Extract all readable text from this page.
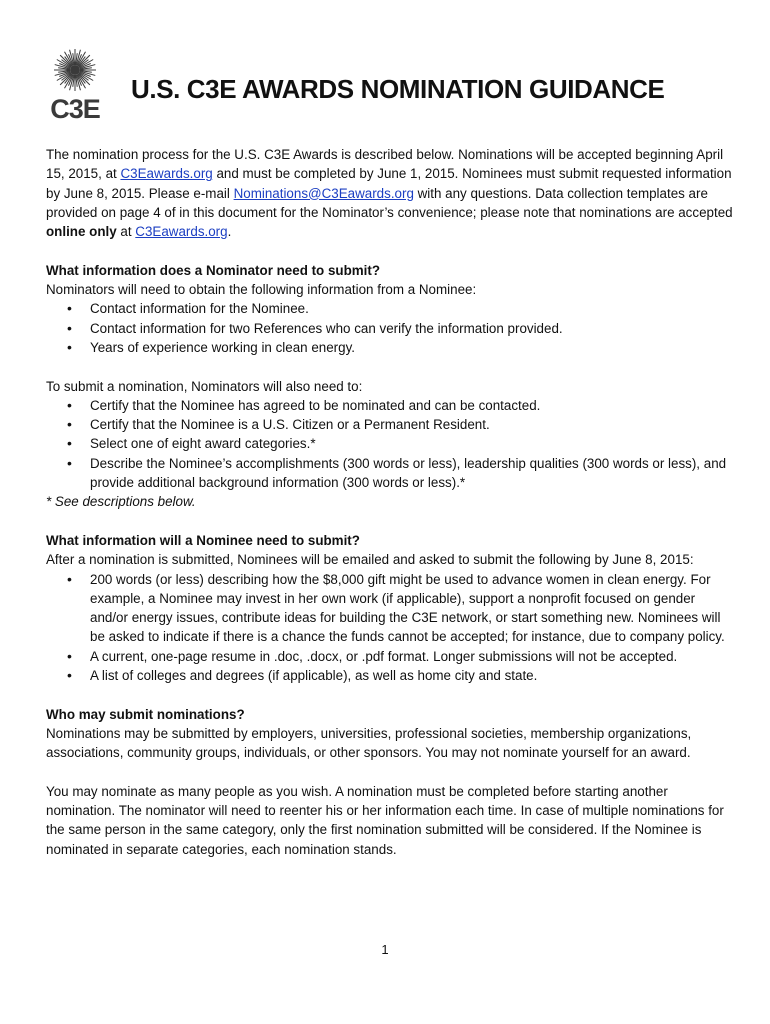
C3E
U.S. C3E AWARDS NOMINATION GUIDANCE

The nomination process for the U.S. C3E Awards is described below. Nominations will be accepted beginning April 15, 2015, at C3Eawards.org and must be completed by June 1, 2015. Nominees must submit requested information by June 8, 2015. Please e-mail Nominations@C3Eawards.org with any questions. Data collection templates are provided on page 4 of in this document for the Nominator’s convenience; please note that nominations are accepted online only at C3Eawards.org.

What information does a Nominator need to submit?

Nominators will need to obtain the following information from a Nominee:

• Contact information for the Nominee.
• Contact information for two References who can verify the information provided.
• Years of experience working in clean energy.

To submit a nomination, Nominators will also need to:

• Certify that the Nominee has agreed to be nominated and can be contacted.
• Certify that the Nominee is a U.S. Citizen or a Permanent Resident.
• Select one of eight award categories.*
• Describe the Nominee’s accomplishments (300 words or less), leadership qualities (300 words or less), and provide additional background information (300 words or less).*

* See descriptions below.

What information will a Nominee need to submit?

After a nomination is submitted, Nominees will be emailed and asked to submit the following by June 8, 2015:

• 200 words (or less) describing how the $8,000 gift might be used to advance women in clean energy. For example, a Nominee may invest in her own work (if applicable), support a nonprofit focused on gender and/or energy issues, contribute ideas for building the C3E network, or start something new. Nominees will be asked to indicate if there is a chance the funds cannot be accepted; for instance, due to company policy.
• A current, one-page resume in .doc, .docx, or .pdf format. Longer submissions will not be accepted.
• A list of colleges and degrees (if applicable), as well as home city and state.

Who may submit nominations?

Nominations may be submitted by employers, universities, professional societies, membership organizations, associations, community groups, individuals, or other sponsors. You may not nominate yourself for an award.

You may nominate as many people as you wish. A nomination must be completed before starting another nomination. The nominator will need to reenter his or her information each time. In case of multiple nominations for the same person in the same category, only the first nomination submitted will be considered. If the Nominee is nominated in separate categories, each nomination stands.

1
